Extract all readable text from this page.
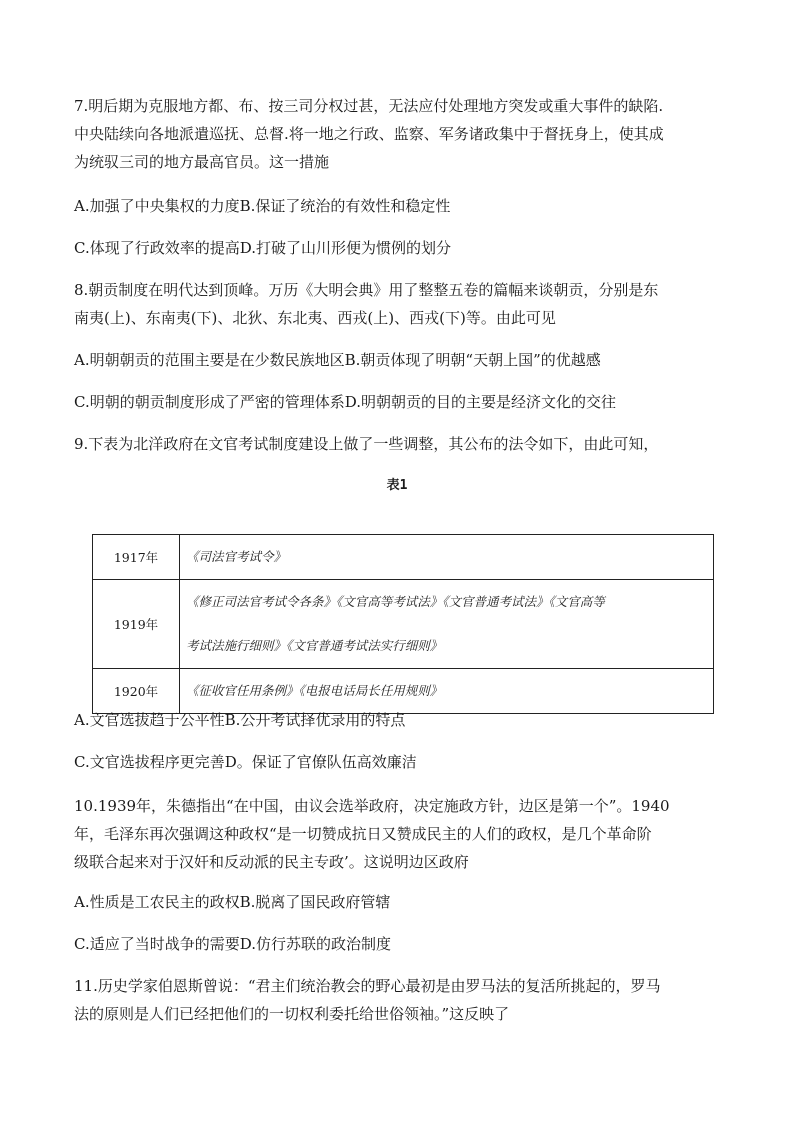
7.明后期为克服地方都、布、按三司分权过甚，无法应付处理地方突发或重大事件的缺陷.
中央陆续向各地派遣巡抚、总督.将一地之行政、监察、军务诸政集中于督抚身上，使其成
为统驭三司的地方最高官员。这一措施

A.加强了中央集权的力度B.保证了统治的有效性和稳定性

C.体现了行政效率的提高D.打破了山川形便为惯例的划分

8.朝贡制度在明代达到顶峰。万历《大明会典》用了整整五卷的篇幅来谈朝贡，分别是东
南夷(上)、东南夷(下)、北狄、东北夷、西戎(上)、西戎(下)等。由此可见

A.明朝朝贡的范围主要是在少数民族地区B.朝贡体现了明朝“天朝上国”的优越感

C.明朝的朝贡制度形成了严密的管理体系D.明朝朝贡的目的主要是经济文化的交往

9.下表为北洋政府在文官考试制度建设上做了一些调整，其公布的法令如下，由此可知，

表1
1917年	《司法官考试令》

1919年	《修正司法官考试令各条》《文官高等考试法》《文官普通考试法》《文官高等
考试法施行细则》《文官普通考试法实行细则》

1920年	《征收官任用条例》《电报电话局长任用规则》

A.文官选拔趋于公平性B.公开考试择优录用的特点

C.文官选拔程序更完善D。保证了官僚队伍高效廉洁

10.1939年，朱德指出“在中国，由议会选举政府，决定施政方针，边区是第一个”。1940
年，毛泽东再次强调这种政权“是一切赞成抗日又赞成民主的人们的政权，是几个革命阶
级联合起来对于汉奸和反动派的民主专政’。这说明边区政府

A.性质是工农民主的政权B.脱离了国民政府管辖

C.适应了当时战争的需要D.仿行苏联的政治制度

11.历史学家伯恩斯曾说：“君主们统治教会的野心最初是由罗马法的复活所挑起的，罗马
法的原则是人们已经把他们的一切权利委托给世俗领袖。”这反映了
